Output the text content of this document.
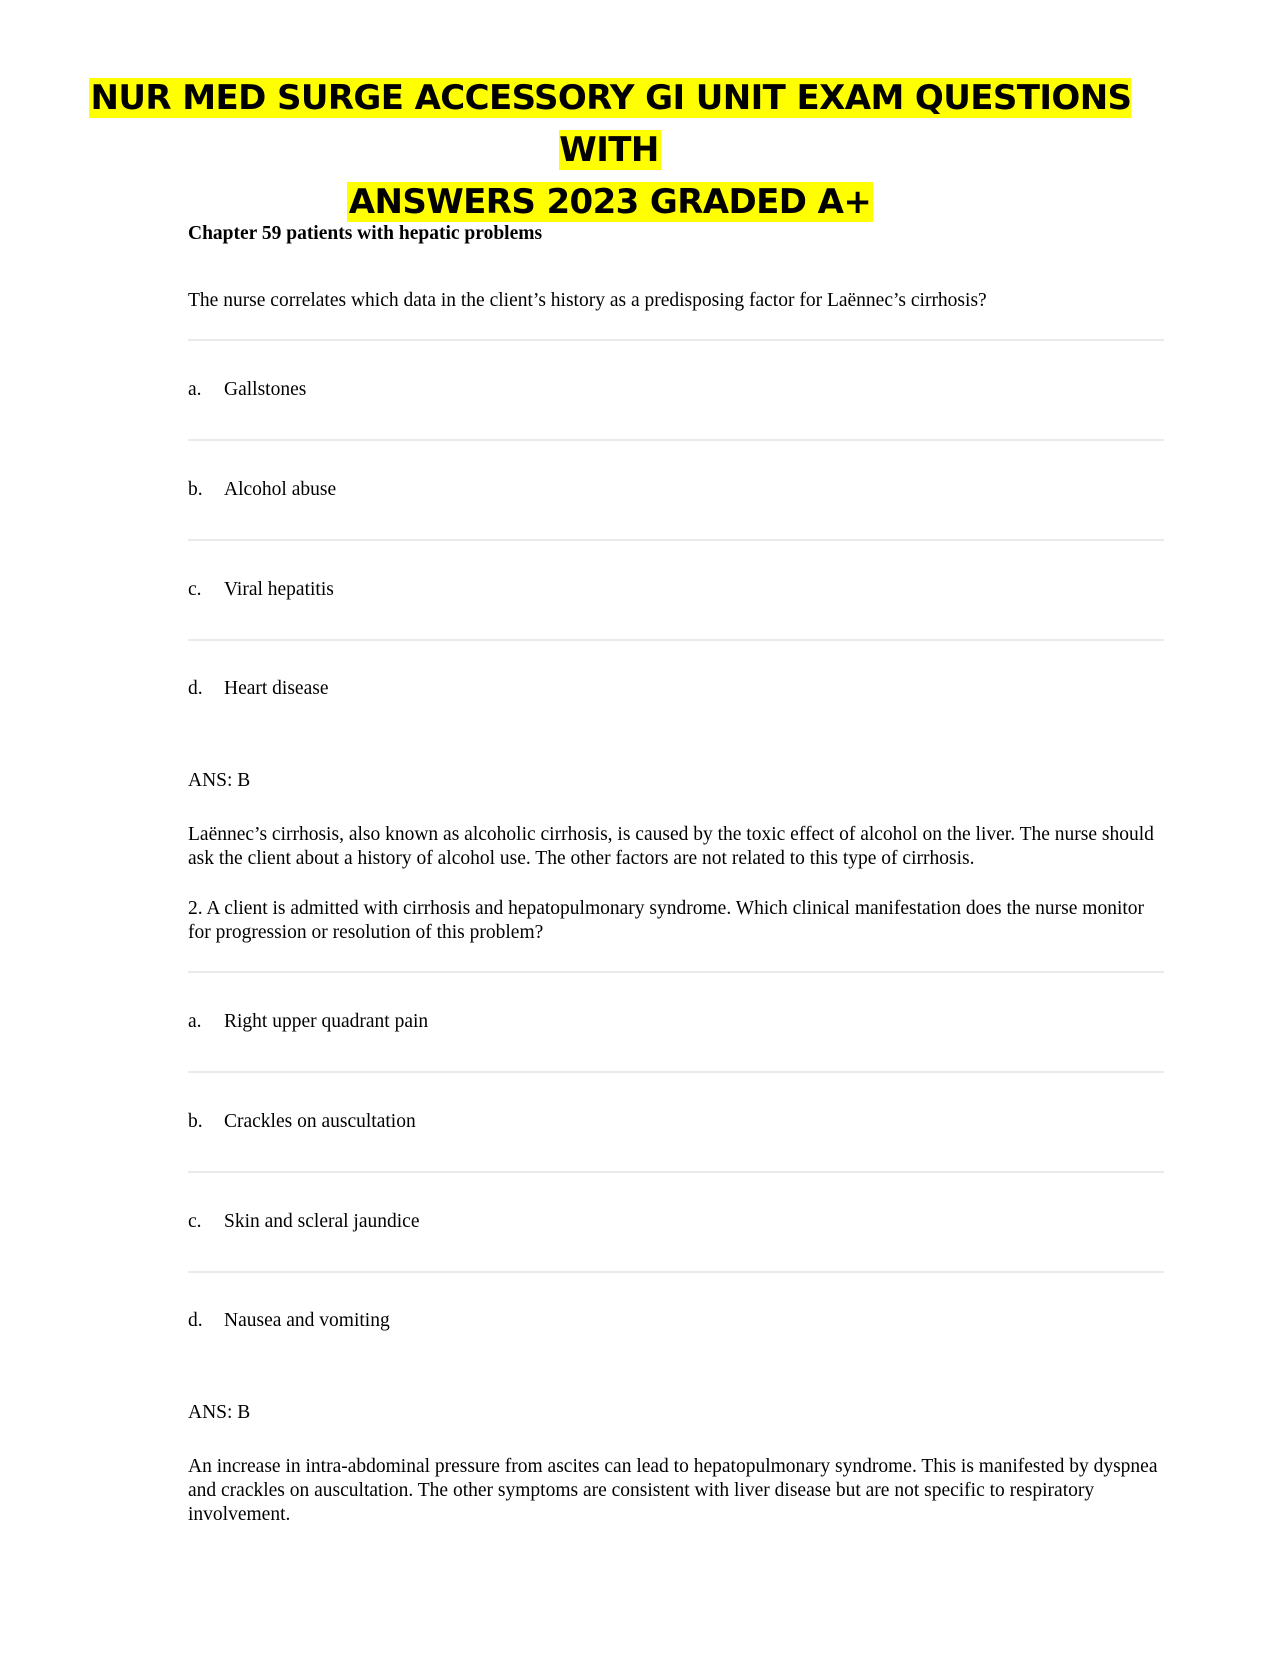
NUR MED SURGE ACCESSORY GI UNIT EXAM QUESTIONS WITH
ANSWERS 2023 GRADED A+
Chapter 59 patients with hepatic problems
The nurse correlates which data in the client’s history as a predisposing factor for Laënnec’s cirrhosis?
a.	Gallstones
b.	Alcohol abuse
c.	Viral hepatitis
d.	Heart disease
ANS: B
Laënnec’s cirrhosis, also known as alcoholic cirrhosis, is caused by the toxic effect of alcohol on the liver. The nurse should ask the client about a history of alcohol use. The other factors are not related to this type of cirrhosis.
2. A client is admitted with cirrhosis and hepatopulmonary syndrome. Which clinical manifestation does the nurse monitor for progression or resolution of this problem?
a.	Right upper quadrant pain
b.	Crackles on auscultation
c.	Skin and scleral jaundice
d.	Nausea and vomiting
ANS: B
An increase in intra-abdominal pressure from ascites can lead to hepatopulmonary syndrome. This is manifested by dyspnea and crackles on auscultation. The other symptoms are consistent with liver disease but are not specific to respiratory involvement.
